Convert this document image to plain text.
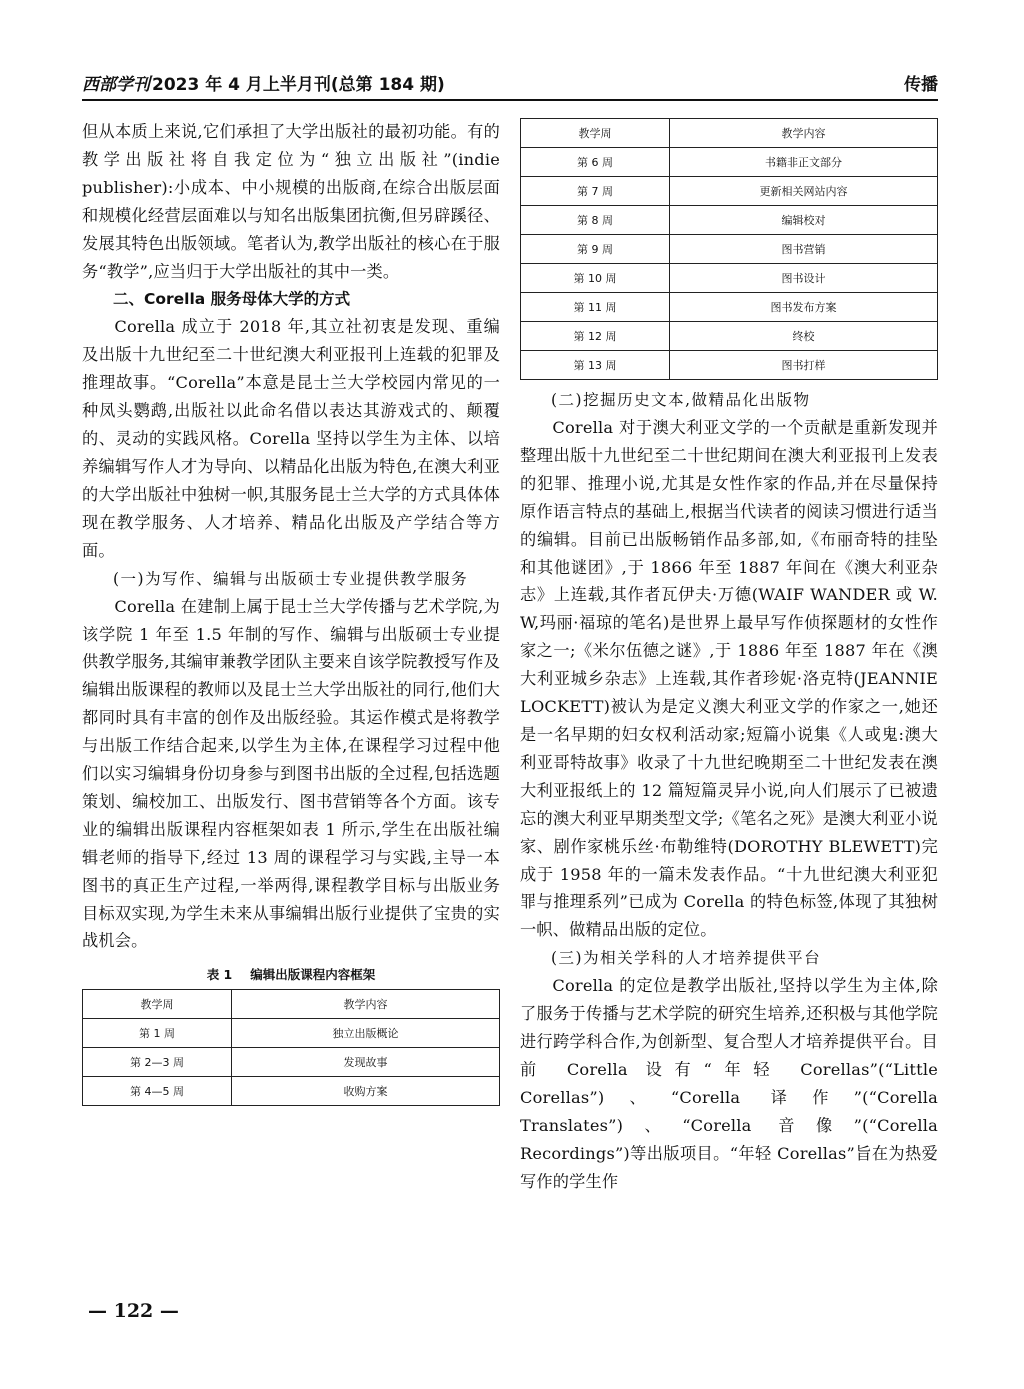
西部学刊 2023 年 4 月上半月刊(总第 184 期)	传播

但从本质上来说,它们承担了大学出版社的最初功能。有的教学出版社将自我定位为“独立出版社”(indie publisher):小成本、中小规模的出版商,在综合出版层面和规模化经营层面难以与知名出版集团抗衡,但另辟蹊径、发展其特色出版领域。笔者认为,教学出版社的核心在于服务“教学”,应当归于大学出版社的其中一类。

二、Corella 服务母体大学的方式

Corella 成立于 2018 年,其立社初衷是发现、重编及出版十九世纪至二十世纪澳大利亚报刊上连载的犯罪及推理故事。“Corella”本意是昆士兰大学校园内常见的一种凤头鹦鹉,出版社以此命名借以表达其游戏式的、颠覆的、灵动的实践风格。Corella 坚持以学生为主体、以培养编辑写作人才为导向、以精品化出版为特色,在澳大利亚的大学出版社中独树一帜,其服务昆士兰大学的方式具体体现在教学服务、人才培养、精品化出版及产学结合等方面。

(一)为写作、编辑与出版硕士专业提供教学服务

Corella 在建制上属于昆士兰大学传播与艺术学院,为该学院 1 年至 1.5 年制的写作、编辑与出版硕士专业提供教学服务,其编审兼教学团队主要来自该学院教授写作及编辑出版课程的教师以及昆士兰大学出版社的同行,他们大都同时具有丰富的创作及出版经验。其运作模式是将教学与出版工作结合起来,以学生为主体,在课程学习过程中他们以实习编辑身份切身参与到图书出版的全过程,包括选题策划、编校加工、出版发行、图书营销等各个方面。该专业的编辑出版课程内容框架如表 1 所示,学生在出版社编辑老师的指导下,经过 13 周的课程学习与实践,主导一本图书的真正生产过程,一举两得,课程教学目标与出版业务目标双实现,为学生未来从事编辑出版行业提供了宝贵的实战机会。

表 1 编辑出版课程内容框架
教学周	教学内容
第 1 周	独立出版概论
第 2—3 周	发现故事
第 4—5 周	收购方案
教学周	教学内容
第 6 周	书籍非正文部分
第 7 周	更新相关网站内容
第 8 周	编辑校对
第 9 周	图书营销
第 10 周	图书设计
第 11 周	图书发布方案
第 12 周	终校
第 13 周	图书打样

(二)挖掘历史文本,做精品化出版物

Corella 对于澳大利亚文学的一个贡献是重新发现并整理出版十九世纪至二十世纪期间在澳大利亚报刊上发表的犯罪、推理小说,尤其是女性作家的作品,并在尽量保持原作语言特点的基础上,根据当代读者的阅读习惯进行适当的编辑。目前已出版畅销作品多部,如,《布丽奇特的挂坠和其他谜团》,于 1866 年至 1887 年间在《澳大利亚杂志》上连载,其作者瓦伊夫·万德(WAIF WANDER 或 W. W,玛丽·福琼的笔名)是世界上最早写作侦探题材的女性作家之一;《米尔伍德之谜》,于 1886 年至 1887 年在《澳大利亚城乡杂志》上连载,其作者珍妮·洛克特(JEANNIE LOCKETT)被认为是定义澳大利亚文学的作家之一,她还是一名早期的妇女权利活动家;短篇小说集《人或鬼:澳大利亚哥特故事》收录了十九世纪晚期至二十世纪发表在澳大利亚报纸上的 12 篇短篇灵异小说,向人们展示了已被遗忘的澳大利亚早期类型文学;《笔名之死》是澳大利亚小说家、剧作家桃乐丝·布勒维特(DOROTHY BLEWETT)完成于 1958 年的一篇未发表作品。“十九世纪澳大利亚犯罪与推理系列”已成为 Corella 的特色标签,体现了其独树一帜、做精品出版的定位。

(三)为相关学科的人才培养提供平台

Corella 的定位是教学出版社,坚持以学生为主体,除了服务于传播与艺术学院的研究生培养,还积极与其他学院进行跨学科合作,为创新型、复合型人才培养提供平台。目前 Corella 设有“年轻 Corellas”(“Little Corellas”)、“Corella 译作”(“Corella Translates”)、“Corella 音像”(“Corella Recordings”)等出版项目。“年轻 Corellas”旨在为热爱写作的学生作

— 122 —
